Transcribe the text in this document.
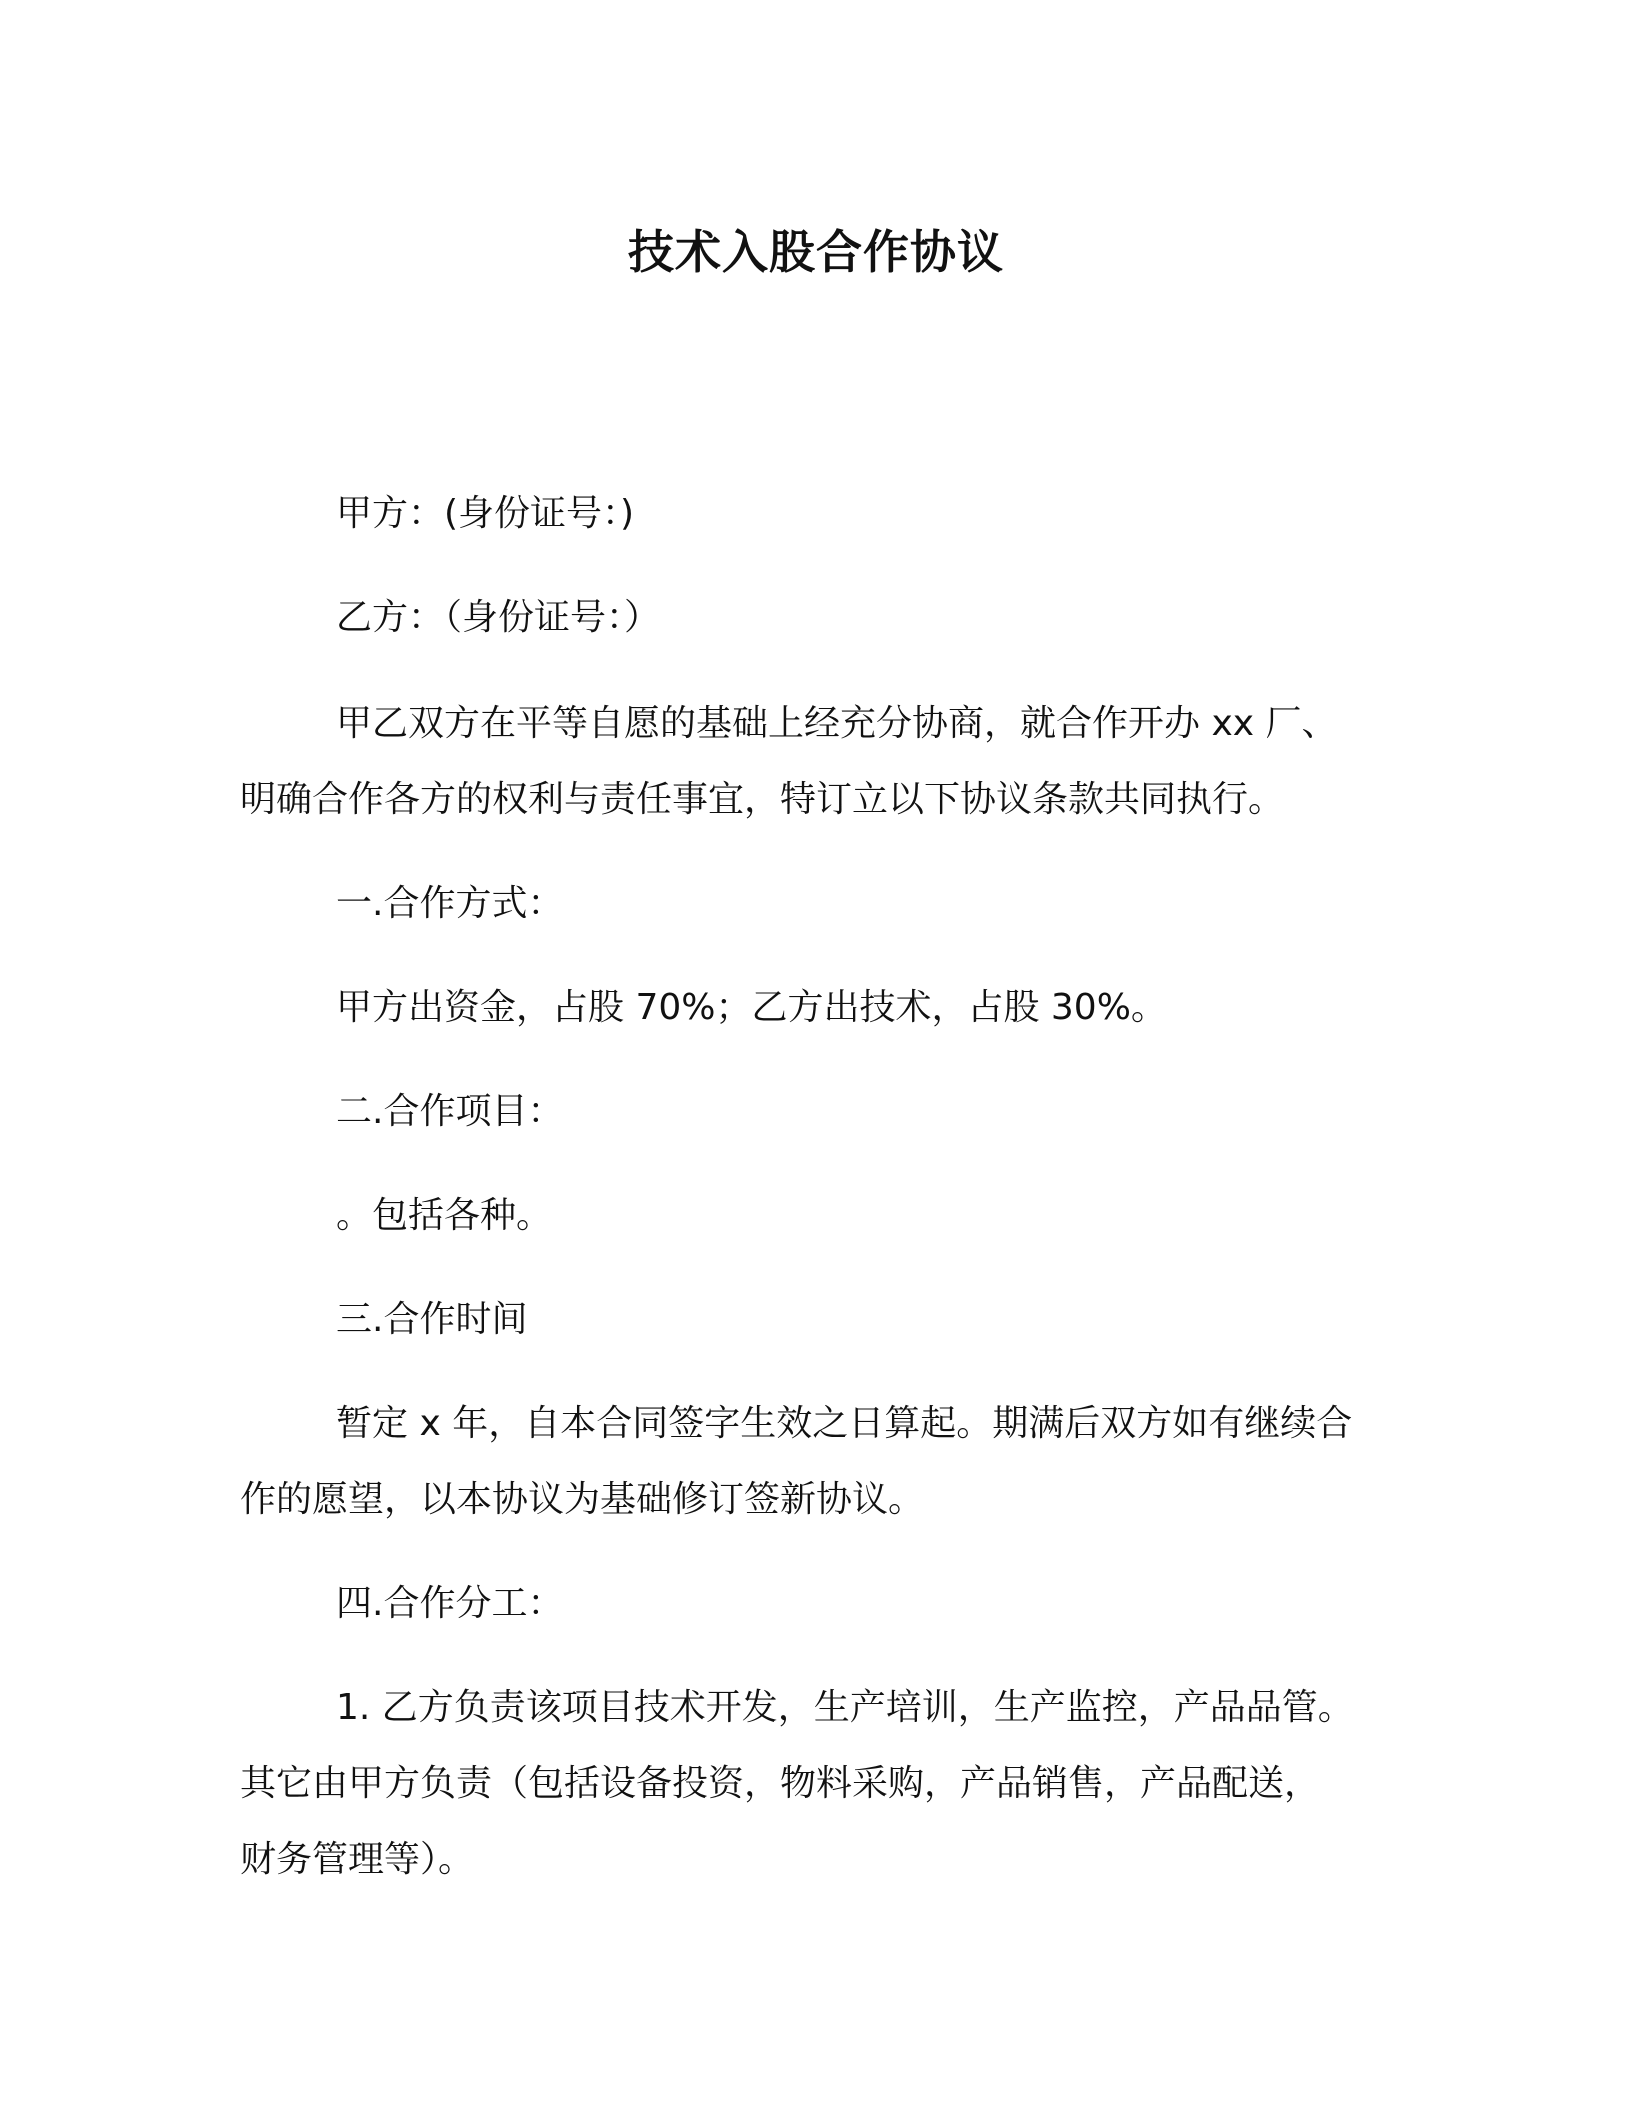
技术入股合作协议
甲方：(身份证号：)
乙方：（身份证号：）
甲乙双方在平等自愿的基础上经充分协商，就合作开办 xx 厂、
明确合作各方的权利与责任事宜，特订立以下协议条款共同执行。
一.合作方式：
甲方出资金，占股 70%；乙方出技术，占股 30%。
二.合作项目：
。包括各种。
三.合作时间
暂定 x 年，自本合同签字生效之日算起。期满后双方如有继续合
作的愿望，以本协议为基础修订签新协议。
四.合作分工：
1. 乙方负责该项目技术开发，生产培训，生产监控，产品品管。
其它由甲方负责（包括设备投资，物料采购，产品销售，产品配送，
财务管理等）。
